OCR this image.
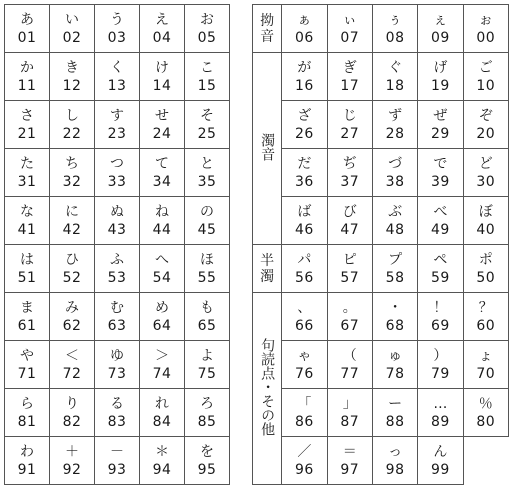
あ
01	い
02	う
03	え
04	お
05

か
11	き
12	く
13	け
14	こ
15

さ
21	し
22	す
23	せ
24	そ
25

た
31	ち
32	つ
33	て
34	と
35

な
41	に
42	ぬ
43	ね
44	の
45

は
51	ひ
52	ふ
53	へ
54	ほ
55

ま
61	み
62	む
63	め
64	も
65

や
71	＜
72	ゆ
73	＞
74	よ
75

ら
81	り
82	る
83	れ
84	ろ
85

わ
91	＋
92	－
93	＊
94	を
95
拗音	ぁ
06	ぃ
07	ぅ
08	ぇ
09	ぉ
00

濁音	が
16	ぎ
17	ぐ
18	げ
19	ご
10

	ざ
26	じ
27	ず
28	ぜ
29	ぞ
20

	だ
36	ぢ
37	づ
38	で
39	ど
30

	ば
46	び
47	ぶ
48	べ
49	ぼ
40

半濁	パ
56	ピ
57	プ
58	ペ
59	ポ
50

句読点・その他	、
66	。
67	・
68	！
69	？
60

	ゃ
76	（
77	ゅ
78	）
79	ょ
70

	「
86	」
87	ー
88	…
89	％
80

	／
96	＝
97	っ
98	ん
99	
